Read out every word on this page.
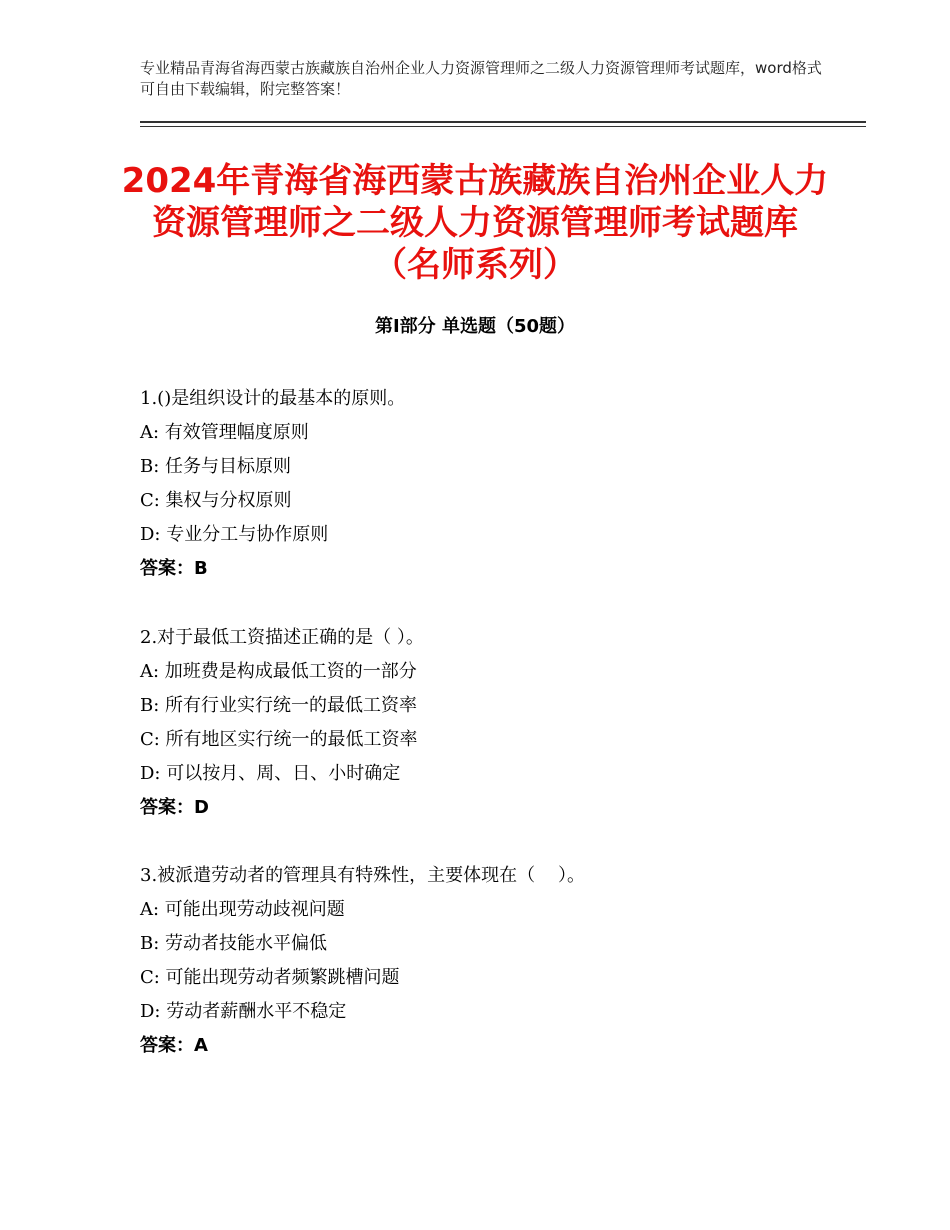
专业精品青海省海西蒙古族藏族自治州企业人力资源管理师之二级人力资源管理师考试题库，word格式可自由下载编辑，附完整答案！
2024年青海省海西蒙古族藏族自治州企业人力资源管理师之二级人力资源管理师考试题库（名师系列）
第Ⅰ部分 单选题（50题）
1.()是组织设计的最基本的原则。
A: 有效管理幅度原则
B: 任务与目标原则
C: 集权与分权原则
D: 专业分工与协作原则
答案：B
2.对于最低工资描述正确的是（ ）。
A: 加班费是构成最低工资的一部分
B: 所有行业实行统一的最低工资率
C: 所有地区实行统一的最低工资率
D: 可以按月、周、日、小时确定
答案：D
3.被派遣劳动者的管理具有特殊性，主要体现在（    ）。
A: 可能出现劳动歧视问题
B: 劳动者技能水平偏低
C: 可能出现劳动者频繁跳槽问题
D: 劳动者薪酬水平不稳定
答案：A
